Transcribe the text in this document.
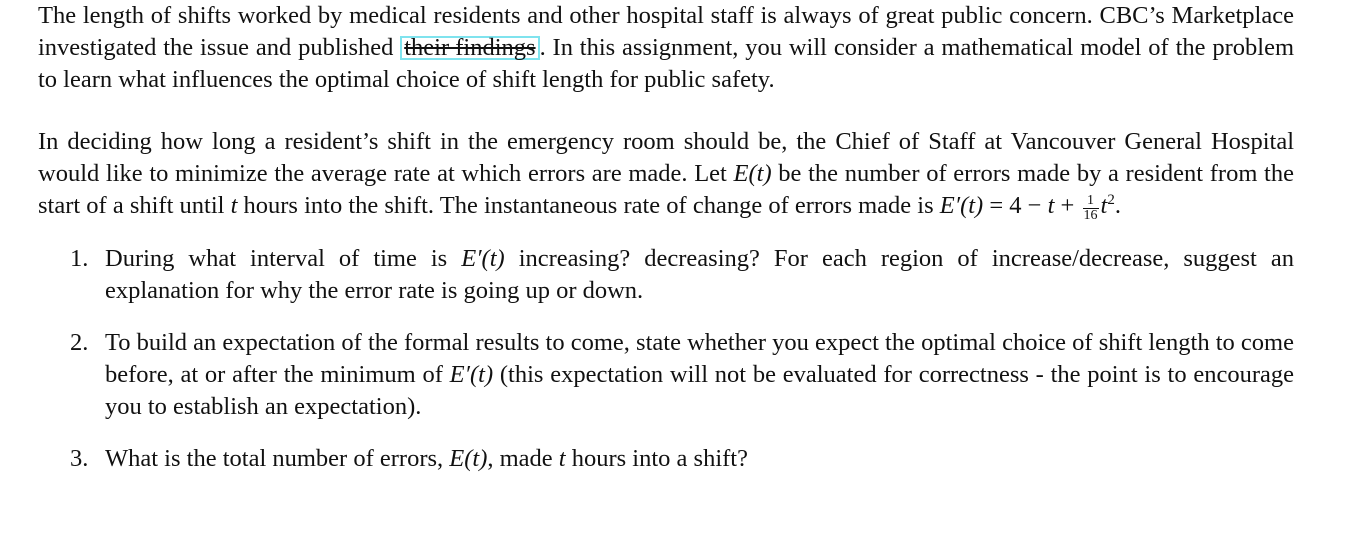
The length of shifts worked by medical residents and other hospital staff is always of great public concern. CBC’s Marketplace investigated the issue and published their findings . In this assignment, you will consider a mathematical model of the problem to learn what influences the optimal choice of shift length for public safety.

In deciding how long a resident’s shift in the emergency room should be, the Chief of Staff at Vancouver General Hospital would like to minimize the average rate at which errors are made. Let E(t) be the number of errors made by a resident from the start of a shift until t hours into the shift. The instantaneous rate of change of errors made is $E'(t) = 4 - t + \frac{1}{16} t^2$.

1. During what interval of time is E′(t) increasing? decreasing? For each region of increase/decrease, suggest an explanation for why the error rate is going up or down.
2. To build an expectation of the formal results to come, state whether you expect the optimal choice of shift length to come before, at or after the minimum of E′(t) (this expectation will not be evaluated for correctness - the point is to encourage you to establish an expectation).
3. What is the total number of errors, E(t), made t hours into a shift?
